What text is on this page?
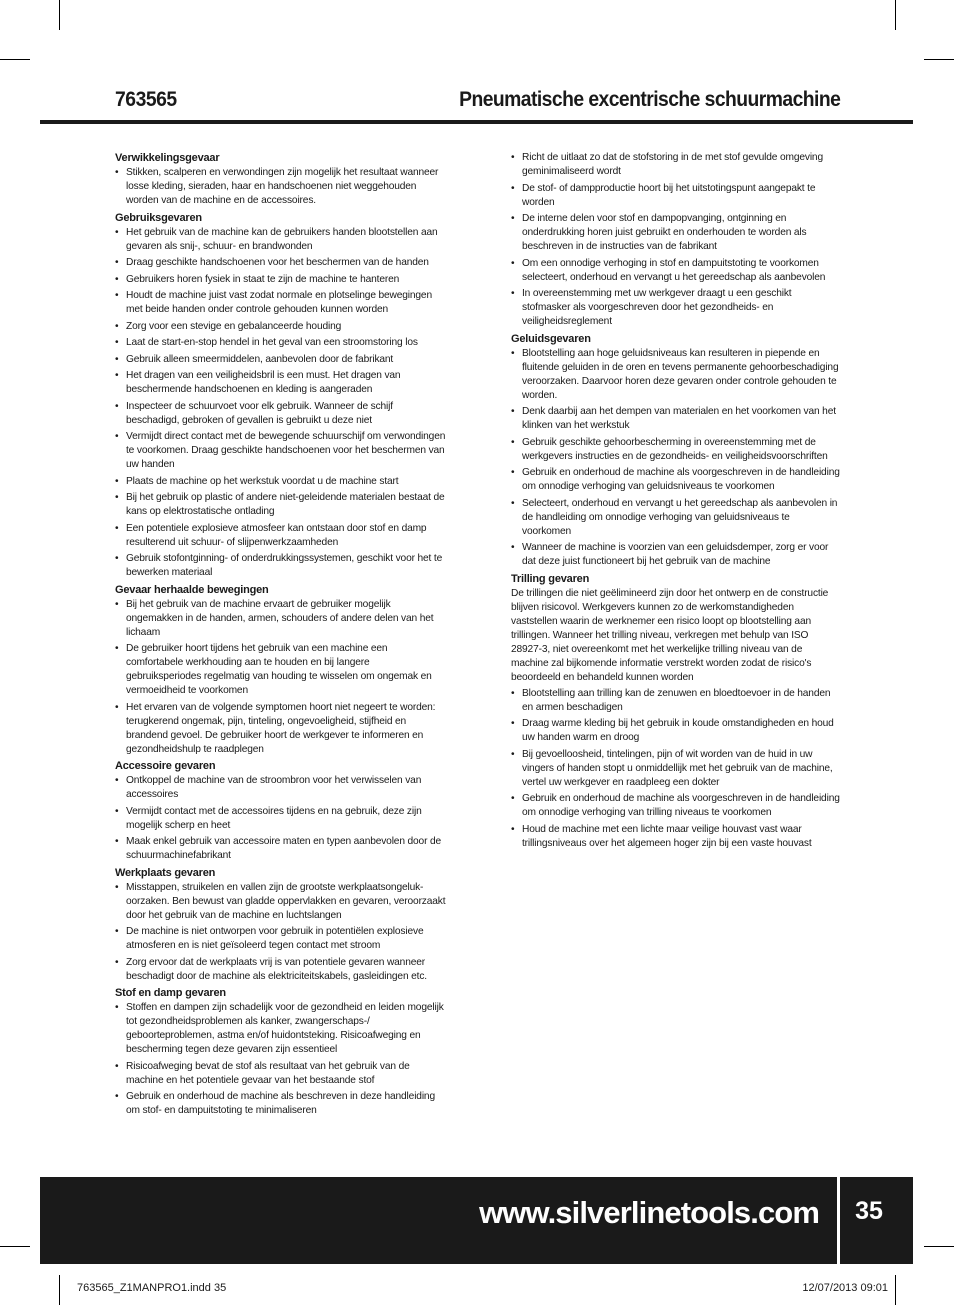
763565	Pneumatische excentrische schuurmachine
Verwikkelingsgevaar
• Stikken, scalperen en verwondingen zijn mogelijk het resultaat wanneer losse kleding, sieraden, haar en handschoenen niet weggehouden worden van de machine en de accessoires.
Gebruiksgevaren
• Het gebruik van de machine kan de gebruikers handen blootstellen aan gevaren als snij-, schuur- en brandwonden
• Draag geschikte handschoenen voor het beschermen van de handen
• Gebruikers horen fysiek in staat te zijn de machine te hanteren
• Houdt de machine juist vast zodat normale en plotselinge bewegingen met beide handen onder controle gehouden kunnen worden
• Zorg voor een stevige en gebalanceerde houding
• Laat de start-en-stop hendel in het geval van een stroomstoring los
• Gebruik alleen smeermiddelen, aanbevolen door de fabrikant
• Het dragen van een veiligheidsbril is een must. Het dragen van beschermende handschoenen en kleding is aangeraden
• Inspecteer de schuurvoet voor elk gebruik. Wanneer de schijf beschadigd, gebroken of gevallen is gebruikt u deze niet
• Vermijdt direct contact met de bewegende schuurschijf om verwondingen te voorkomen. Draag geschikte handschoenen voor het beschermen van uw handen
• Plaats de machine op het werkstuk voordat u de machine start
• Bij het gebruik op plastic of andere niet-geleidende materialen bestaat de kans op elektrostatische ontlading
• Een potentiele explosieve atmosfeer kan ontstaan door stof en damp resulterend uit schuur- of slijpenwerkzaamheden
• Gebruik stofontginning- of onderdrukkingssystemen, geschikt voor het te bewerken materiaal
Gevaar herhaalde bewegingen
• Bij het gebruik van de machine ervaart de gebruiker mogelijk ongemakken in de handen, armen, schouders of andere delen van het lichaam
• De gebruiker hoort tijdens het gebruik van een machine een comfortabele werkhouding aan te houden en bij langere gebruiksperiodes regelmatig van houding te wisselen om ongemak en vermoeidheid te voorkomen
• Het ervaren van de volgende symptomen hoort niet negeert te worden: terugkerend ongemak, pijn, tinteling, ongevoeligheid, stijfheid en brandend gevoel. De gebruiker hoort de werkgever te informeren en gezondheidshulp te raadplegen
Accessoire gevaren
• Ontkoppel de machine van de stroombron voor het verwisselen van accessoires
• Vermijdt contact met de accessoires tijdens en na gebruik, deze zijn mogelijk scherp en heet
• Maak enkel gebruik van accessoire maten en typen aanbevolen door de schuurmachinefabrikant
Werkplaats gevaren
• Misstappen, struikelen en vallen zijn de grootste werkplaatsongeluk- oorzaken. Ben bewust van gladde oppervlakken en gevaren, veroorzaakt door het gebruik van de machine en luchtslangen
• De machine is niet ontworpen voor gebruik in potentiëlen explosieve atmosferen en is niet geïsoleerd tegen contact met stroom
• Zorg ervoor dat de werkplaats vrij is van potentiele gevaren wanneer beschadigt door de machine als elektriciteitskabels, gasleidingen etc.
Stof en damp gevaren
• Stoffen en dampen zijn schadelijk voor de gezondheid en leiden mogelijk tot gezondheidsproblemen als kanker, zwangerschaps-/ geboorteproblemen, astma en/of huidontsteking. Risicoafweging en bescherming tegen deze gevaren zijn essentieel
• Risicoafweging bevat de stof als resultaat van het gebruik van de machine en het potentiele gevaar van het bestaande stof
• Gebruik en onderhoud de machine als beschreven in deze handleiding om stof- en dampuitstoting te minimaliseren
• Richt de uitlaat zo dat de stofstoring in de met stof gevulde omgeving geminimaliseerd wordt
• De stof- of dampproductie hoort bij het uitstotingspunt aangepakt te worden
• De interne delen voor stof en dampopvanging, ontginning en onderdrukking horen juist gebruikt en onderhouden te worden als beschreven in de instructies van de fabrikant
• Om een onnodige verhoging in stof en dampuitstoting te voorkomen selecteert, onderhoud en vervangt u het gereedschap als aanbevolen
• In overeenstemming met uw werkgever draagt u een geschikt stofmasker als voorgeschreven door het gezondheids- en veiligheidsreglement
Geluidsgevaren
• Blootstelling aan hoge geluidsniveaus kan resulteren in piepende en fluitende geluiden in de oren en tevens permanente gehoorbeschadiging veroorzaken. Daarvoor horen deze gevaren onder controle gehouden te worden.
• Denk daarbij aan het dempen van materialen en het voorkomen van het klinken van het werkstuk
• Gebruik geschikte gehoorbescherming in overeenstemming met de werkgevers instructies en de gezondheids- en veiligheidsvoorschriften
• Gebruik en onderhoud de machine als voorgeschreven in de handleiding om onnodige verhoging van geluidsniveaus te voorkomen
• Selecteert, onderhoud en vervangt u het gereedschap als aanbevolen in de handleiding om onnodige verhoging van geluidsniveaus te voorkomen
• Wanneer de machine is voorzien van een geluidsdemper, zorg er voor dat deze juist functioneert bij het gebruik van de machine
Trilling gevaren

De trillingen die niet geëlimineerd zijn door het ontwerp en de constructie blijven risicovol. Werkgevers kunnen zo de werkomstandigheden vaststellen waarin de werknemer een risico loopt op blootstelling aan trillingen. Wanneer het trilling niveau, verkregen met behulp van ISO 28927-3, niet overeenkomt met het werkelijke trilling niveau van de machine zal bijkomende informatie verstrekt worden zodat de risico's beoordeeld en behandeld kunnen worden

• Blootstelling aan trilling kan de zenuwen en bloedtoevoer in de handen en armen beschadigen
• Draag warme kleding bij het gebruik in koude omstandigheden en houd uw handen warm en droog
• Bij gevoelloosheid, tintelingen, pijn of wit worden van de huid in uw vingers of handen stopt u onmiddellijk met het gebruik van de machine, vertel uw werkgever en raadpleeg een dokter
• Gebruik en onderhoud de machine als voorgeschreven in de handleiding om onnodige verhoging van trilling niveaus te voorkomen
• Houd de machine met een lichte maar veilige houvast vast waar trillingsniveaus over het algemeen hoger zijn bij een vaste houvast
www.silverlinetools.com	35
763565_Z1MANPRO1.indd 35	12/07/2013 09:01
